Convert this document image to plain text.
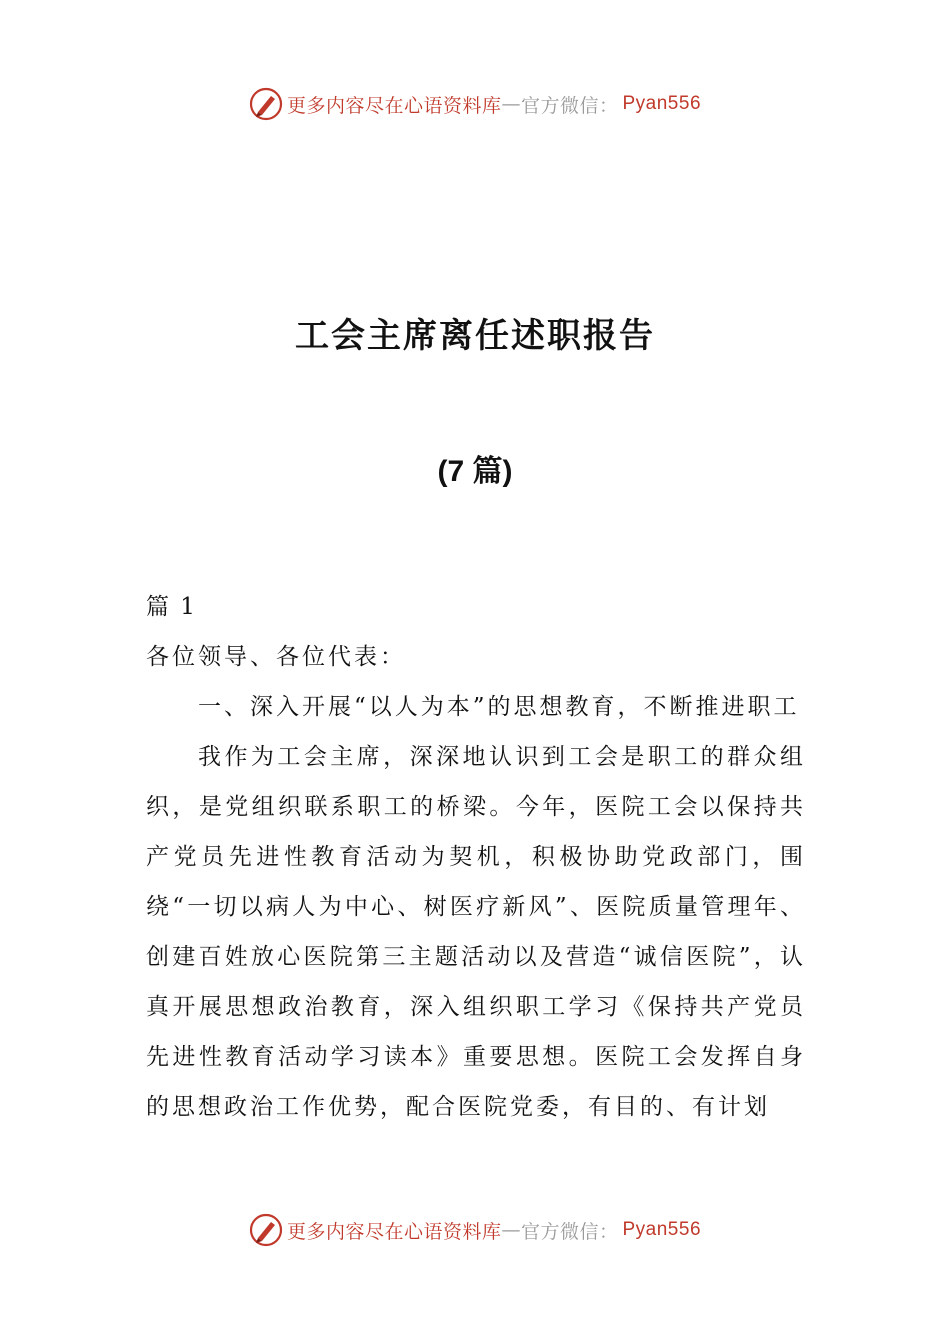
更多内容尽在心语资料库 — 官方微信： Pyan556
工会主席离任述职报告
(7 篇)

篇 1

各位领导、各位代表：

一、深入开展“以人为本”的思想教育，不断推进职工

我作为工会主席，深深地认识到工会是职工的群众组织，是党组织联系职工的桥梁。今年，医院工会以保持共产党员先进性教育活动为契机，积极协助党政部门，围绕“一切以病人为中心、树医疗新风”、医院质量管理年、创建百姓放心医院第三主题活动以及营造“诚信医院”，认真开展思想政治教育，深入组织职工学习《保持共产党员先进性教育活动学习读本》重要思想。医院工会发挥自身的思想政治工作优势，配合医院党委，有目的、有计划

更多内容尽在心语资料库 — 官方微信： Pyan556
